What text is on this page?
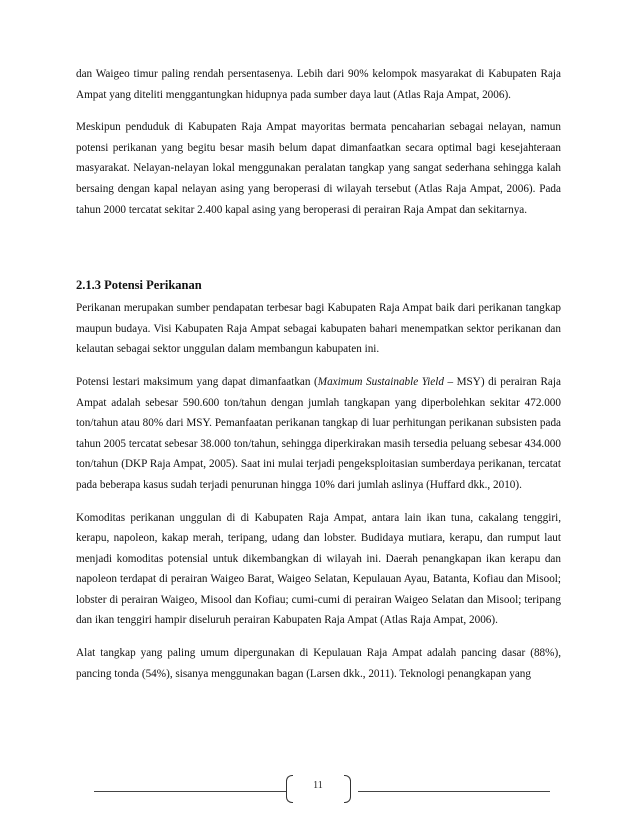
dan Waigeo timur paling rendah persentasenya. Lebih dari 90% kelompok masyarakat di Kabupaten Raja Ampat yang diteliti menggantungkan hidupnya pada sumber daya laut (Atlas Raja Ampat, 2006).

Meskipun penduduk di Kabupaten Raja Ampat mayoritas bermata pencaharian sebagai nelayan, namun potensi perikanan yang begitu besar masih belum dapat dimanfaatkan secara optimal bagi kesejahteraan masyarakat. Nelayan-nelayan lokal menggunakan peralatan tangkap yang sangat sederhana sehingga kalah bersaing dengan kapal nelayan asing yang beroperasi di wilayah tersebut (Atlas Raja Ampat, 2006). Pada tahun 2000 tercatat sekitar 2.400 kapal asing yang beroperasi di perairan Raja Ampat dan sekitarnya.

2.1.3 Potensi Perikanan

Perikanan merupakan sumber pendapatan terbesar bagi Kabupaten Raja Ampat baik dari perikanan tangkap maupun budaya. Visi Kabupaten Raja Ampat sebagai kabupaten bahari menempatkan sektor perikanan dan kelautan sebagai sektor unggulan dalam membangun kabupaten ini.

Potensi lestari maksimum yang dapat dimanfaatkan (Maximum Sustainable Yield – MSY) di perairan Raja Ampat adalah sebesar 590.600 ton/tahun dengan jumlah tangkapan yang diperbolehkan sekitar 472.000 ton/tahun atau 80% dari MSY. Pemanfaatan perikanan tangkap di luar perhitungan perikanan subsisten pada tahun 2005 tercatat sebesar 38.000 ton/tahun, sehingga diperkirakan masih tersedia peluang sebesar 434.000 ton/tahun (DKP Raja Ampat, 2005). Saat ini mulai terjadi pengeksploitasian sumberdaya perikanan, tercatat pada beberapa kasus sudah terjadi penurunan hingga 10% dari jumlah aslinya (Huffard dkk., 2010).

Komoditas perikanan unggulan di di Kabupaten Raja Ampat, antara lain ikan tuna, cakalang tenggiri, kerapu, napoleon, kakap merah, teripang, udang dan lobster. Budidaya mutiara, kerapu, dan rumput laut menjadi komoditas potensial untuk dikembangkan di wilayah ini. Daerah penangkapan ikan kerapu dan napoleon terdapat di perairan Waigeo Barat, Waigeo Selatan, Kepulauan Ayau, Batanta, Kofiau dan Misool; lobster di perairan Waigeo, Misool dan Kofiau; cumi-cumi di perairan Waigeo Selatan dan Misool; teripang dan ikan tenggiri hampir diseluruh perairan Kabupaten Raja Ampat (Atlas Raja Ampat, 2006).

Alat tangkap yang paling umum dipergunakan di Kepulauan Raja Ampat adalah pancing dasar (88%), pancing tonda (54%), sisanya menggunakan bagan (Larsen dkk., 2011). Teknologi penangkapan yang

11
